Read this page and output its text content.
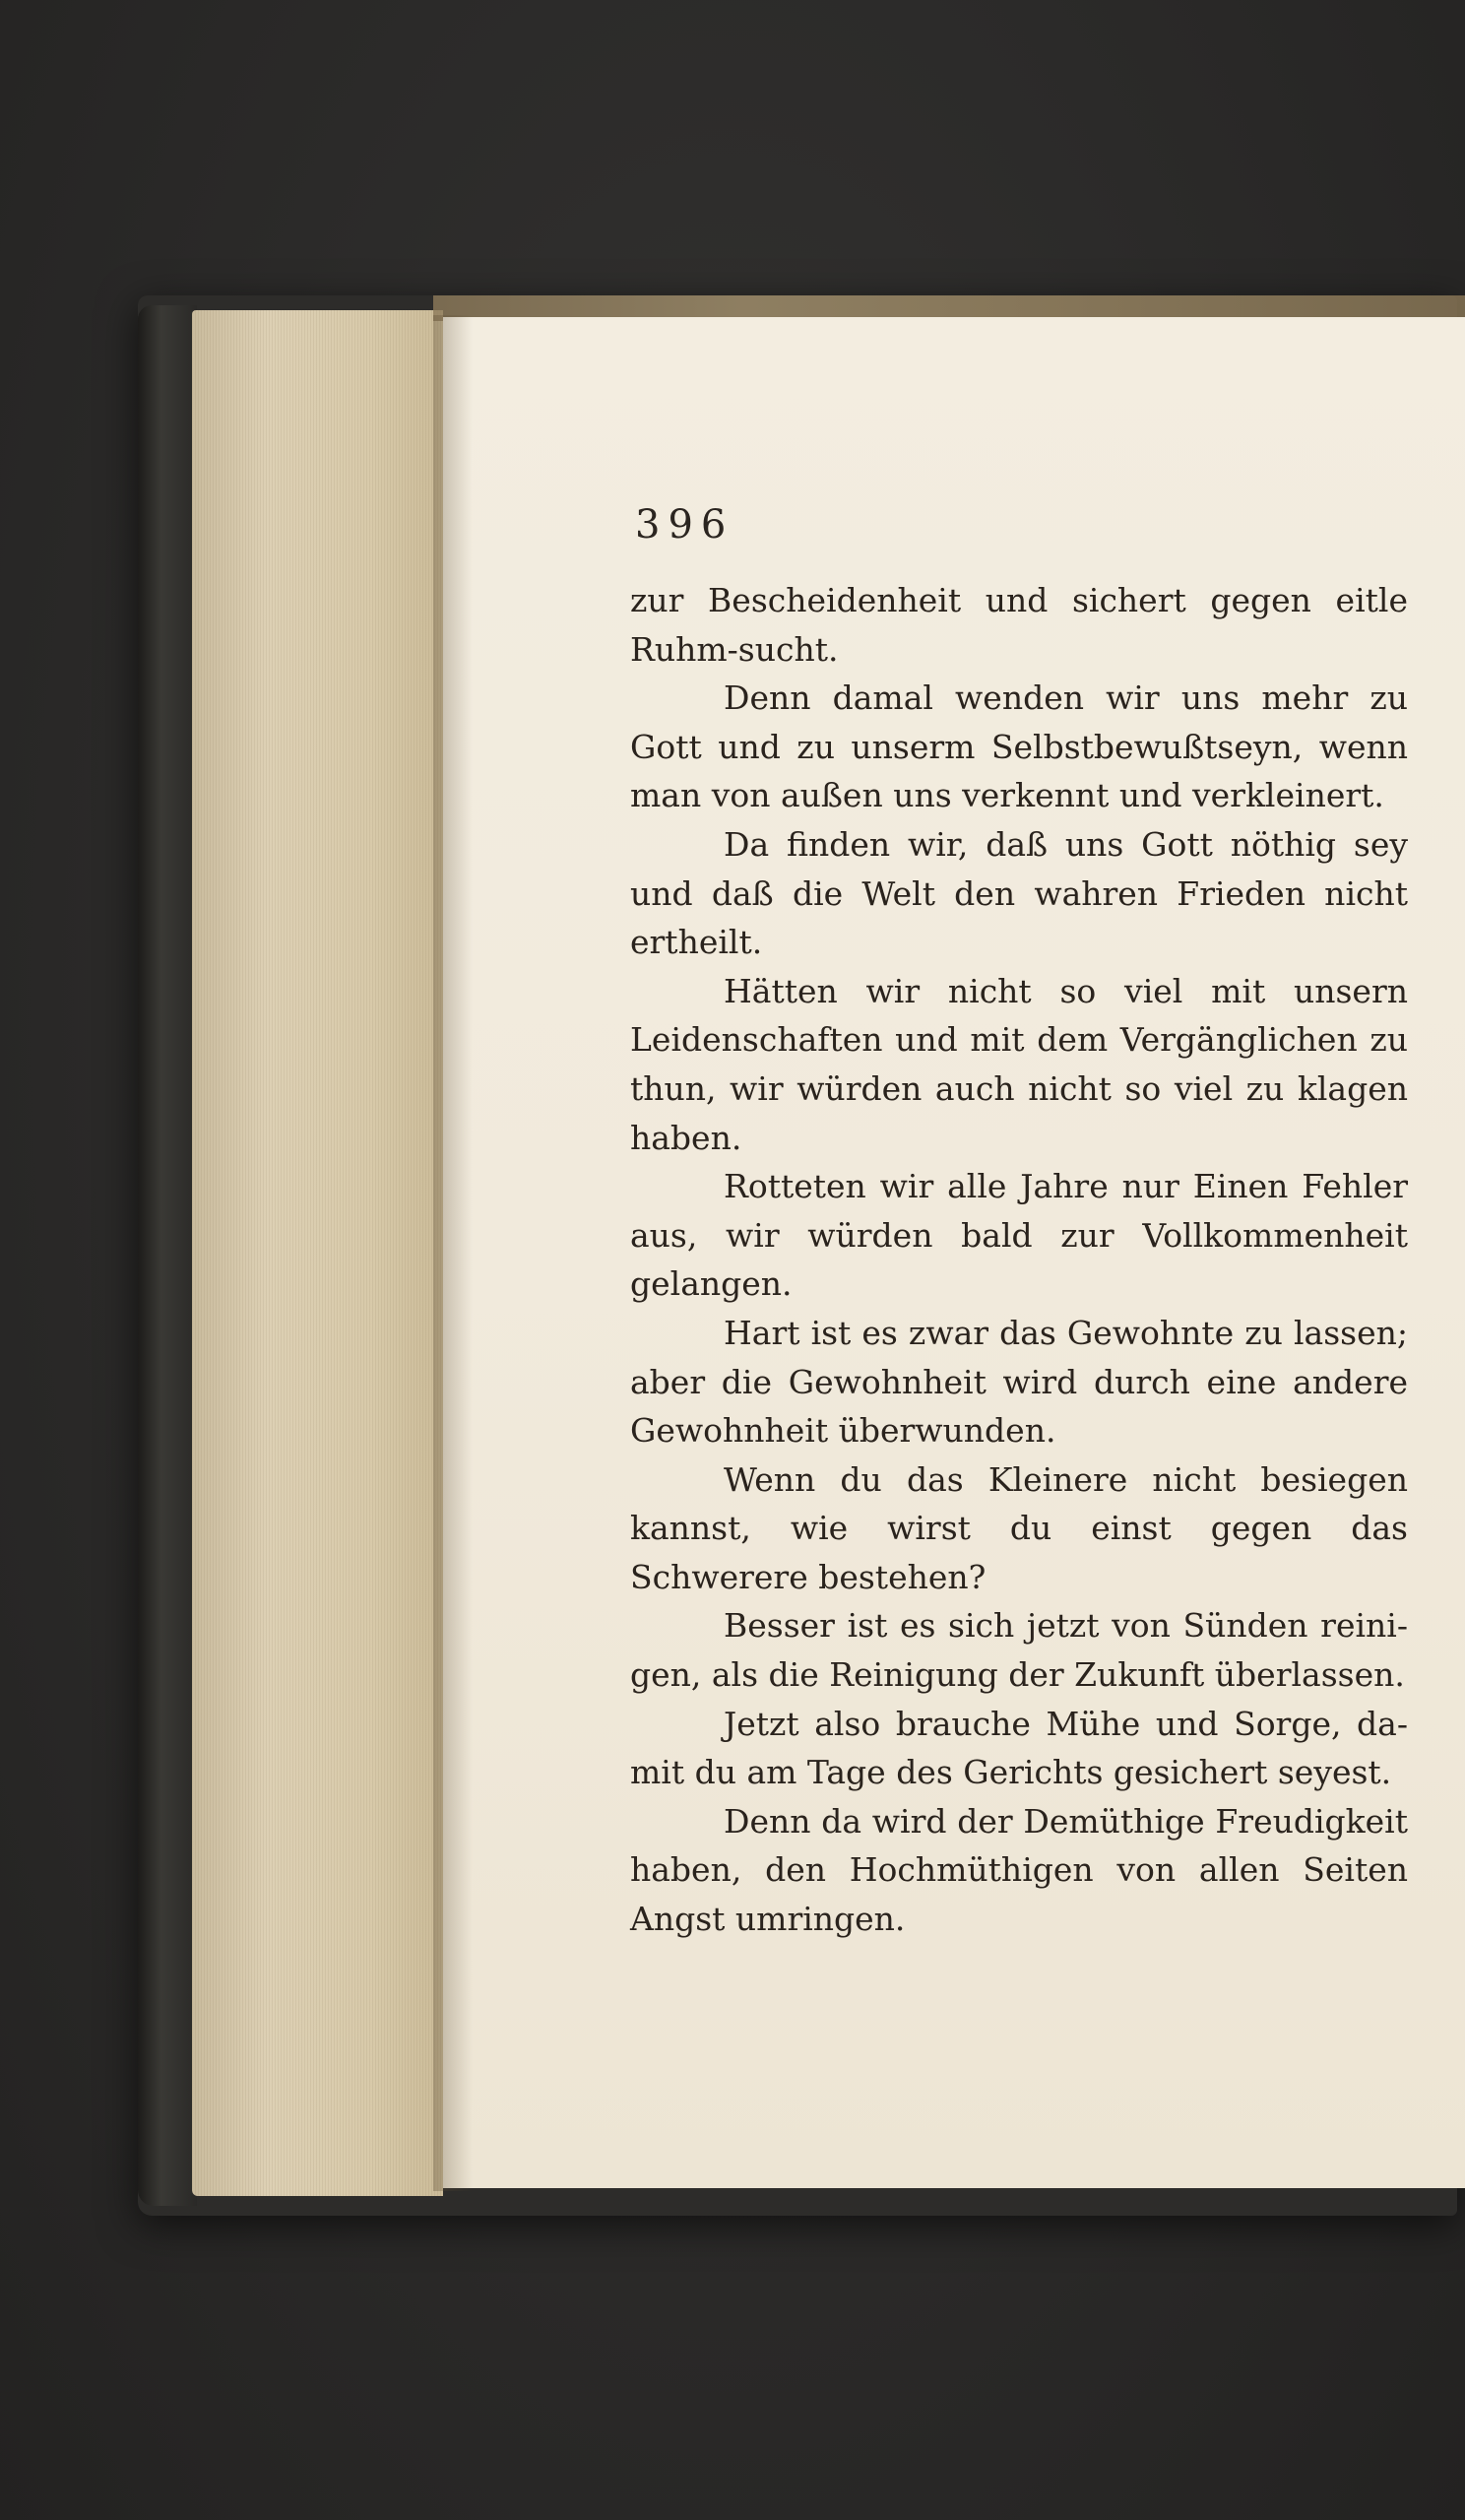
396

zur Bescheidenheit und sichert gegen eitle Ruhm-sucht.

Denn damal wenden wir uns mehr zu Gott und zu unserm Selbstbewußtseyn, wenn man von außen uns verkennt und verkleinert.

Da finden wir, daß uns Gott nöthig sey und daß die Welt den wahren Frieden nicht ertheilt.

Hätten wir nicht so viel mit unsern Leidenschaften und mit dem Vergänglichen zu thun, wir würden auch nicht so viel zu klagen haben.

Rotteten wir alle Jahre nur Einen Fehler aus, wir würden bald zur Vollkommenheit gelangen.

Hart ist es zwar das Gewohnte zu lassen; aber die Gewohnheit wird durch eine andere Gewohnheit überwunden.

Wenn du das Kleinere nicht besiegen kannst, wie wirst du einst gegen das Schwerere bestehen?

Besser ist es sich jetzt von Sünden reini-gen, als die Reinigung der Zukunft überlassen.

Jetzt also brauche Mühe und Sorge, da-mit du am Tage des Gerichts gesichert seyest.

Denn da wird der Demüthige Freudigkeit haben, den Hochmüthigen von allen Seiten Angst umringen.
